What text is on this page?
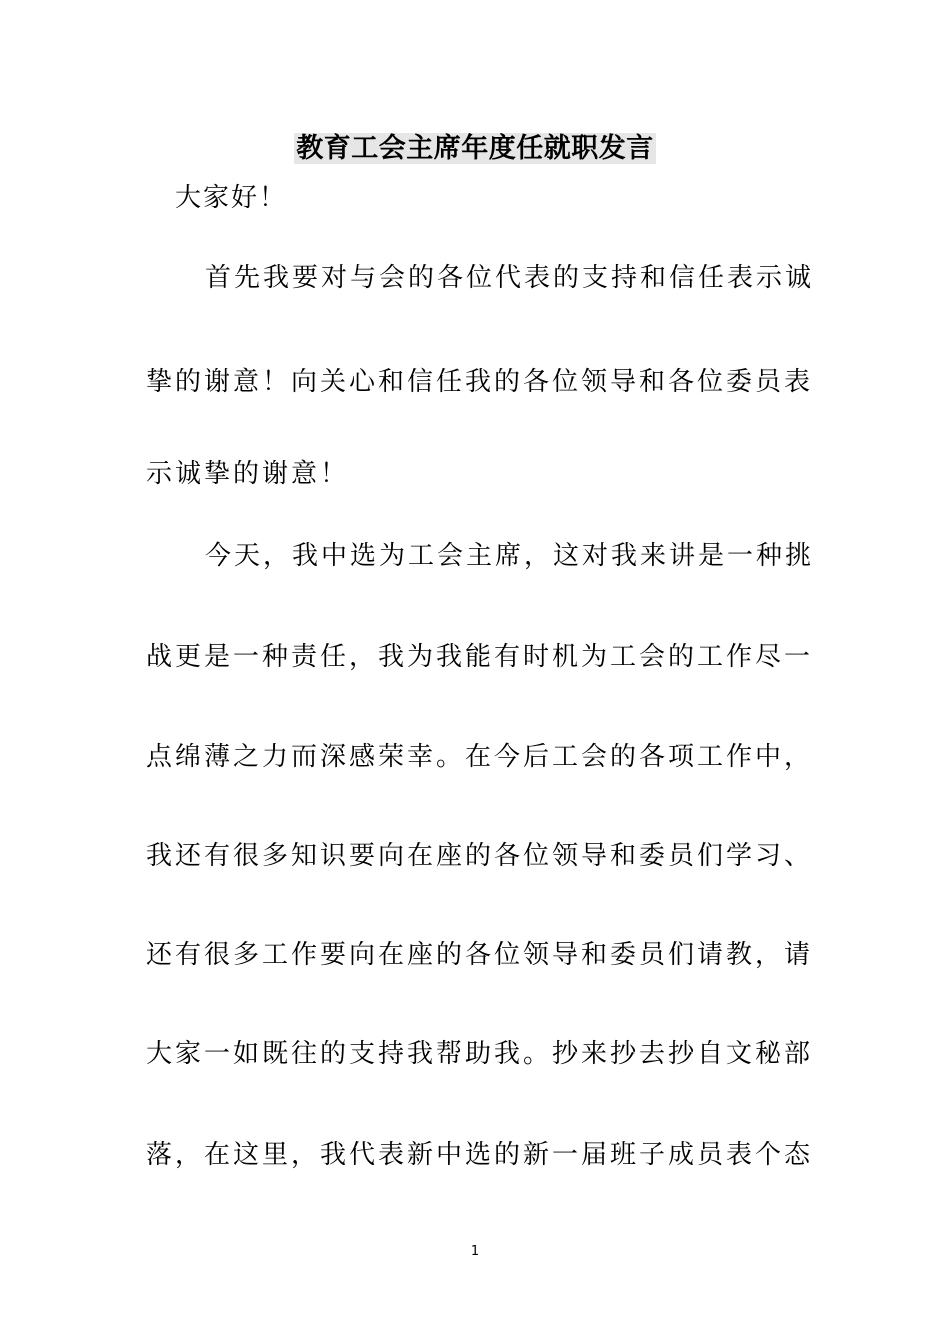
教育工会主席年度任就职发言
大家好！
首先我要对与会的各位代表的支持和信任表示诚
挚的谢意！向关心和信任我的各位领导和各位委员表
示诚挚的谢意！
今天，我中选为工会主席，这对我来讲是一种挑
战更是一种责任，我为我能有时机为工会的工作尽一
点绵薄之力而深感荣幸。在今后工会的各项工作中，
我还有很多知识要向在座的各位领导和委员们学习、
还有很多工作要向在座的各位领导和委员们请教，请
大家一如既往的支持我帮助我。抄来抄去抄自文秘部
落，在这里，我代表新中选的新一届班子成员表个态
1
